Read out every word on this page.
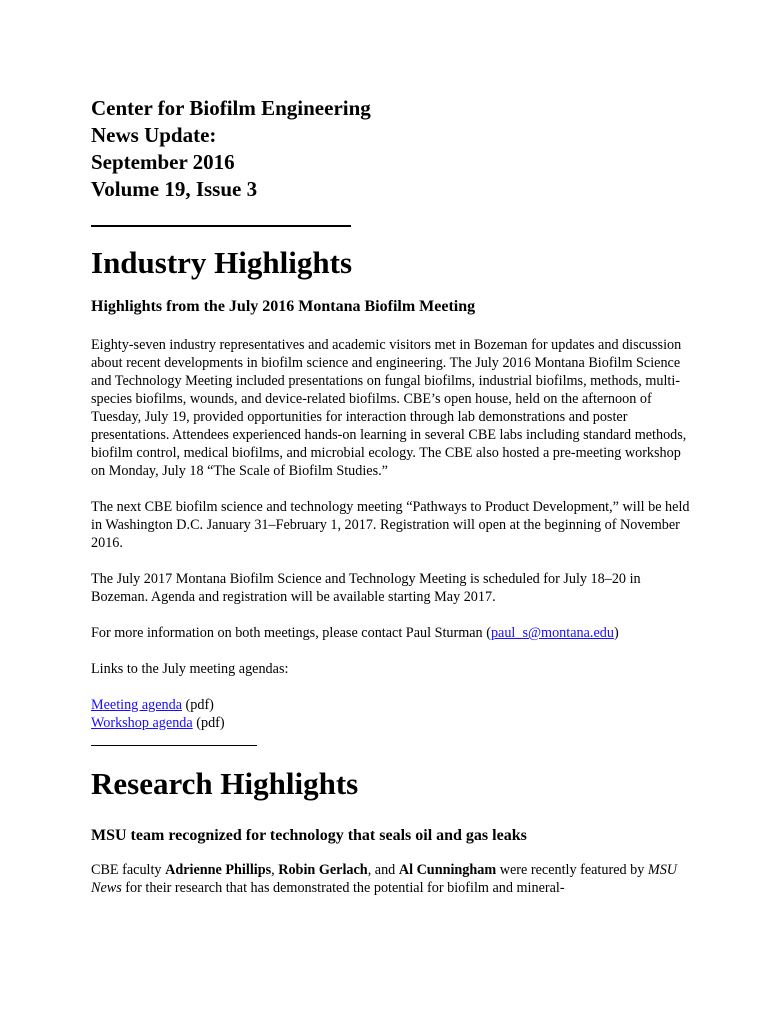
Center for Biofilm Engineering
News Update:
September 2016
Volume 19, Issue 3

Industry Highlights
Highlights from the July 2016 Montana Biofilm Meeting

Eighty-seven industry representatives and academic visitors met in Bozeman for updates and discussion about recent developments in biofilm science and engineering. The July 2016 Montana Biofilm Science and Technology Meeting included presentations on fungal biofilms, industrial biofilms, methods, multi-species biofilms, wounds, and device-related biofilms. CBE’s open house, held on the afternoon of Tuesday, July 19, provided opportunities for interaction through lab demonstrations and poster presentations. Attendees experienced hands-on learning in several CBE labs including standard methods, biofilm control, medical biofilms, and microbial ecology. The CBE also hosted a pre-meeting workshop on Monday, July 18 “The Scale of Biofilm Studies.”

The next CBE biofilm science and technology meeting “Pathways to Product Development,” will be held in Washington D.C. January 31–February 1, 2017. Registration will open at the beginning of November 2016.

The July 2017 Montana Biofilm Science and Technology Meeting is scheduled for July 18–20 in Bozeman. Agenda and registration will be available starting May 2017.

For more information on both meetings, please contact Paul Sturman (paul_s@montana.edu)

Links to the July meeting agendas:

Meeting agenda (pdf)
Workshop agenda (pdf)

Research Highlights
MSU team recognized for technology that seals oil and gas leaks

CBE faculty Adrienne Phillips, Robin Gerlach, and Al Cunningham were recently featured by MSU News for their research that has demonstrated the potential for biofilm and mineral-
